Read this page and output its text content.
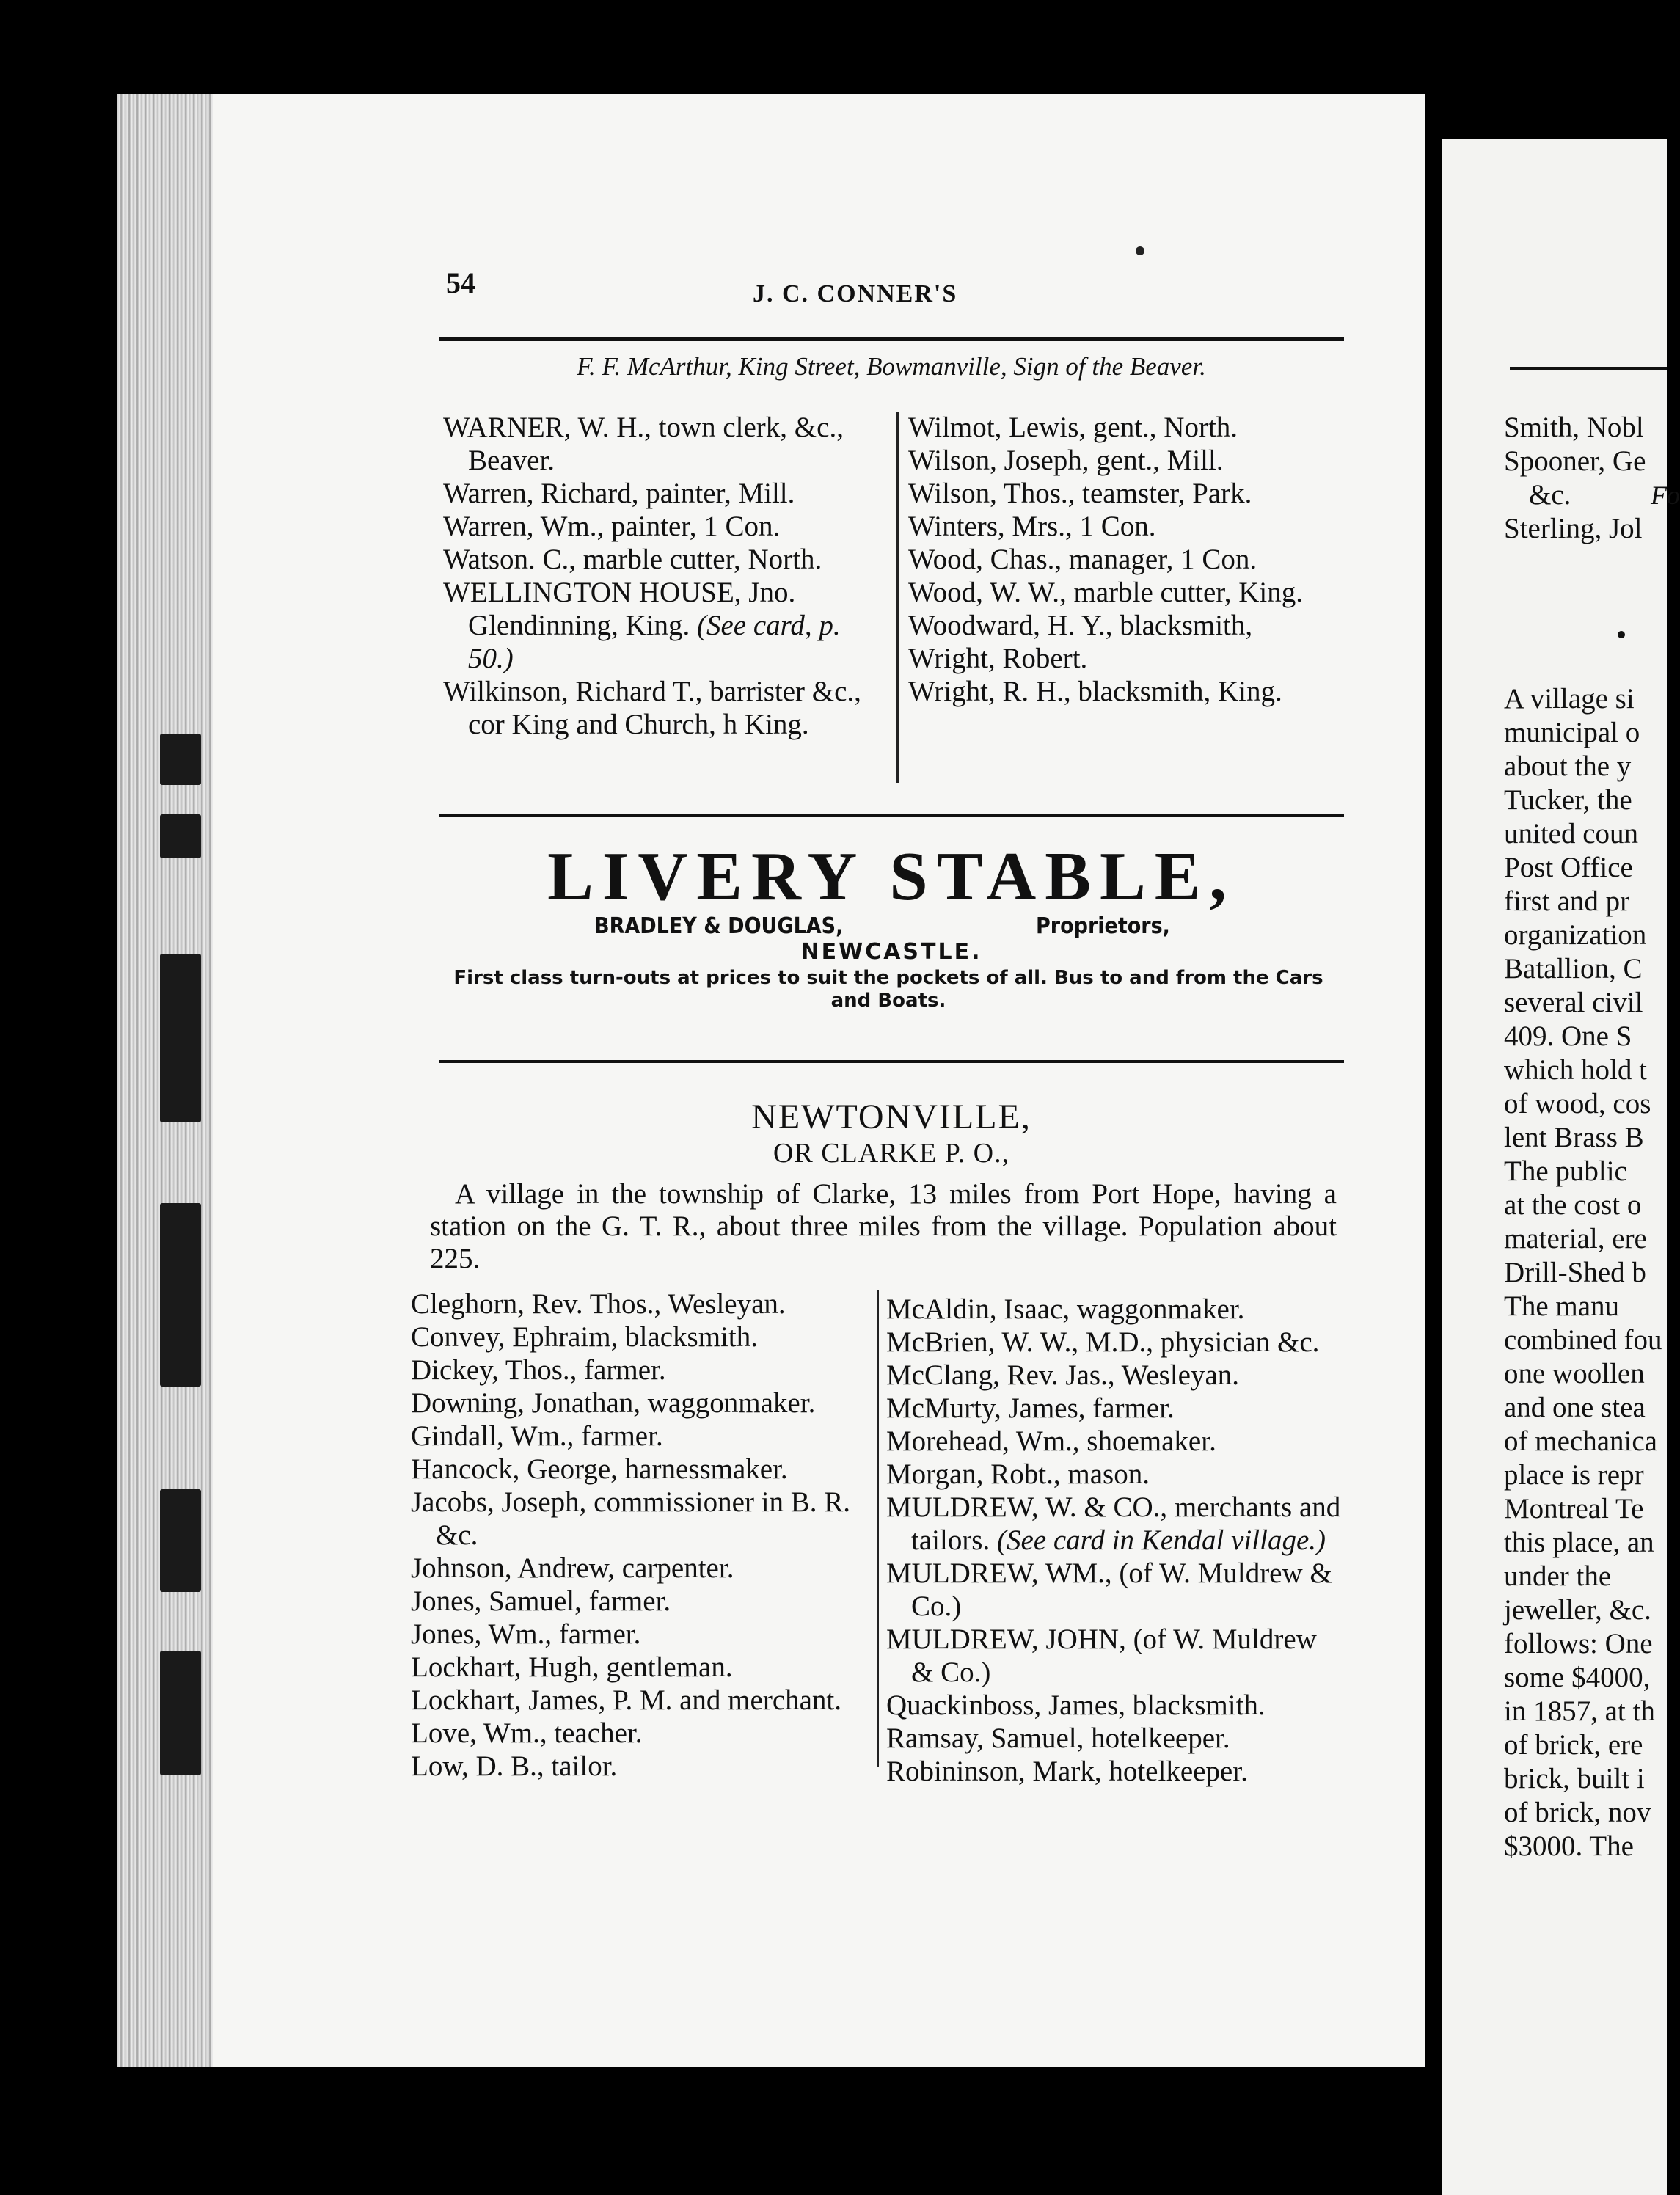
54	J. C. CONNER'S
F. F. McArthur, King Street, Bowmanville, Sign of the Beaver.
WARNER, W. H., town clerk, &c., Beaver.
Warren, Richard, painter, Mill.
Warren, Wm., painter, 1 Con.
Watson. C., marble cutter, North.
WELLINGTON HOUSE, Jno. Glendinning, King. (See card, p. 50.)
Wilkinson, Richard T., barrister &c., cor King and Church, h King.
Wilmot, Lewis, gent., North.
Wilson, Joseph, gent., Mill.
Wilson, Thos., teamster, Park.
Winters, Mrs., 1 Con.
Wood, Chas., manager, 1 Con.
Wood, W. W., marble cutter, King.
Woodward, H. Y., blacksmith,
Wright, Robert.
Wright, R. H., blacksmith, King.
LIVERY STABLE,
BRADLEY & DOUGLAS,	Proprietors,
NEWCASTLE.
First class turn-outs at prices to suit the pockets of all. Bus to and from the Cars and Boats.
NEWTONVILLE,
OR CLARKE P. O.,

A village in the township of Clarke, 13 miles from Port Hope, having a station on the G. T. R., about three miles from the village. Population about 225.

Cleghorn, Rev. Thos., Wesleyan.
Convey, Ephraim, blacksmith.
Dickey, Thos., farmer.
Downing, Jonathan, waggonmaker.
Gindall, Wm., farmer.
Hancock, George, harnessmaker.
Jacobs, Joseph, commissioner in B. R. &c.
Johnson, Andrew, carpenter.
Jones, Samuel, farmer.
Jones, Wm., farmer.
Lockhart, Hugh, gentleman.
Lockhart, James, P. M. and merchant.
Love, Wm., teacher.
Low, D. B., tailor.
McAldin, Isaac, waggonmaker.
McBrien, W. W., M.D., physician &c.
McClang, Rev. Jas., Wesleyan.
McMurty, James, farmer.
Morehead, Wm., shoemaker.
Morgan, Robt., mason.
MULDREW, W. & CO., merchants and tailors. (See card in Kendal village.)
MULDREW, WM., (of W. Muldrew & Co.)
MULDREW, JOHN, (of W. Muldrew & Co.)
Quackinboss, James, blacksmith.
Ramsay, Samuel, hotelkeeper.
Robininson, Mark, hotelkeeper.
Fo
Smith, Nobl
Spooner, Ge
&c.
Sterling, Jol
A village si
municipal o
about the y
Tucker, the
united coun
Post Office
first and pr
organization
Batallion, C
several civil
409. One S
which hold t
of wood, cos
lent Brass B
The public
at the cost o
material, ere
Drill-Shed b
The manu
combined fou
one woollen
and one stea
of mechanica
place is repr
Montreal Te
this place, an
under the
jeweller, &c.
follows: One
some $4000,
in 1857, at th
of brick, ere
brick, built i
of brick, nov
$3000. The
